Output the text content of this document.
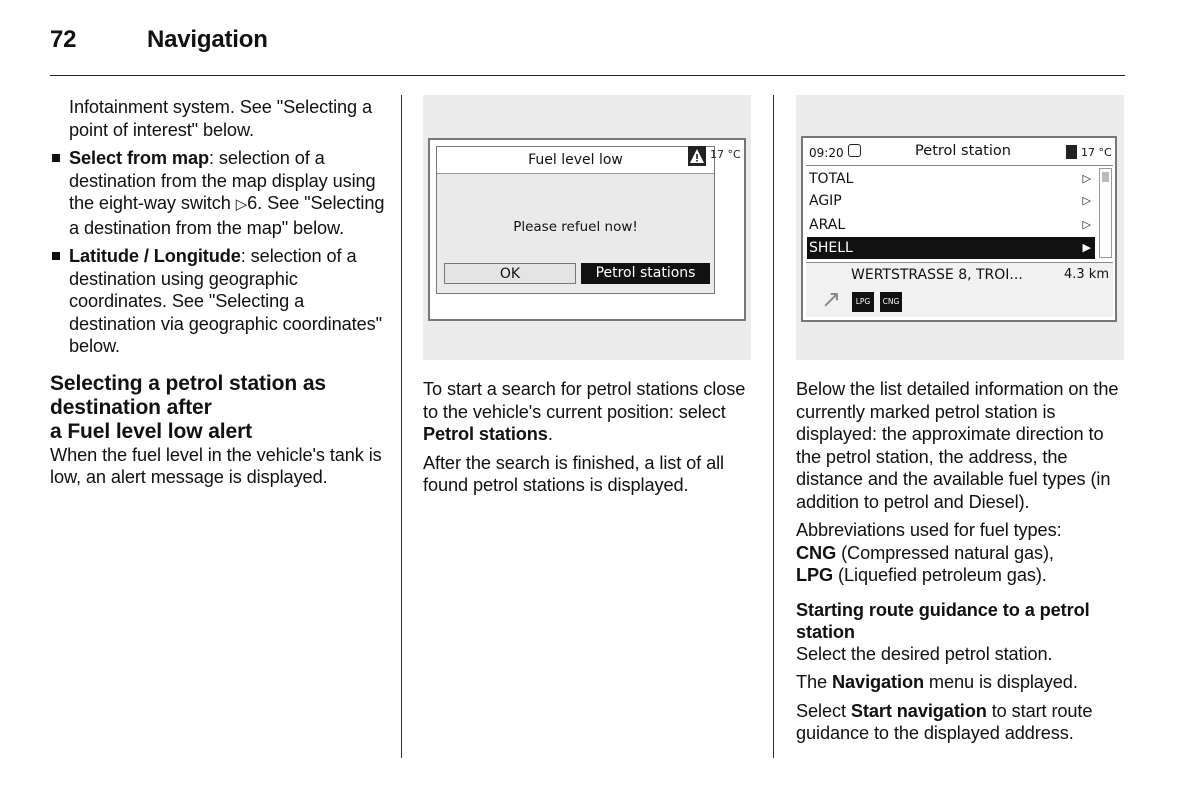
72	Navigation

Infotainment system. See "Selecting a point of interest" below.

Select from map: selection of a destination from the map display using the eight-way switch ▷6. See "Selecting a destination from the map" below.
Latitude / Longitude: selection of a destination using geographic coordinates. See "Selecting a destination via geographic coordinates" below.
Selecting a petrol station as
destination after
a Fuel level low alert

When the fuel level in the vehicle's tank is low, an alert message is displayed.

Fuel level low
Please refuel now!
OK	Petrol stations
17 °C

To start a search for petrol stations close to the vehicle's current position: select Petrol stations.

After the search is finished, a list of all found petrol stations is displayed.

09:20	Petrol station	17 °C
TOTAL	▷
AGIP	▷
ARAL	▷
SHELL	▶
↗
WERTSTRASSE 8, TROI...	4.3 km
LPG	CNG

Below the list detailed information on the currently marked petrol station is displayed: the approximate direction to the petrol station, the address, the distance and the available fuel types (in addition to petrol and Diesel).

Abbreviations used for fuel types:
CNG (Compressed natural gas),
LPG (Liquefied petroleum gas).

Starting route guidance to a petrol station

Select the desired petrol station.

The Navigation menu is displayed.

Select Start navigation to start route guidance to the displayed address.
